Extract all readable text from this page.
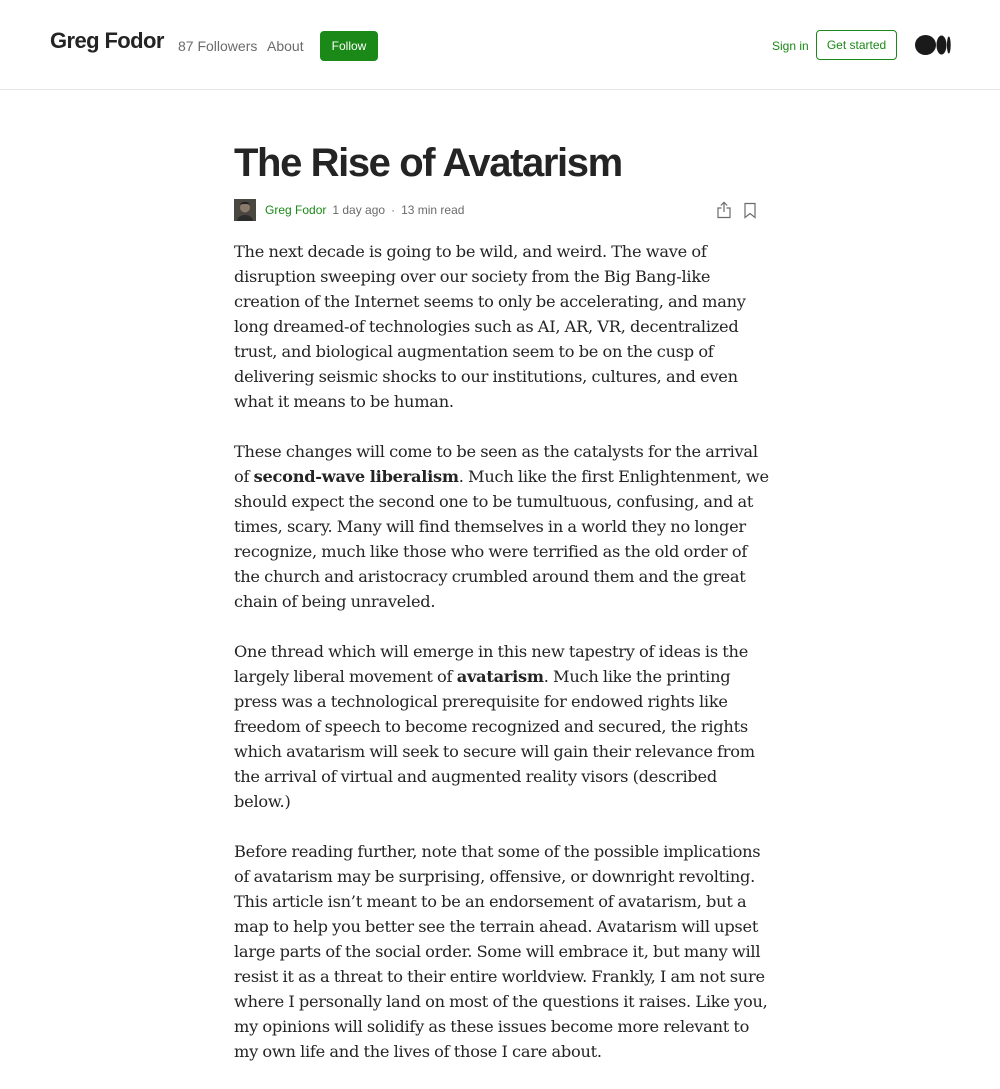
Greg Fodor 87 Followers About	Follow	Sign in	Get started
The Rise of Avatarism
Greg Fodor 1 day ago · 13 min read

The next decade is going to be wild, and weird. The wave of disruption sweeping over our society from the Big Bang-like creation of the Internet seems to only be accelerating, and many long dreamed-of technologies such as AI, AR, VR, decentralized trust, and biological augmentation seem to be on the cusp of delivering seismic shocks to our institutions, cultures, and even what it means to be human.

These changes will come to be seen as the catalysts for the arrival of second-wave liberalism. Much like the first Enlightenment, we should expect the second one to be tumultuous, confusing, and at times, scary. Many will find themselves in a world they no longer recognize, much like those who were terrified as the old order of the church and aristocracy crumbled around them and the great chain of being unraveled.

One thread which will emerge in this new tapestry of ideas is the largely liberal movement of avatarism. Much like the printing press was a technological prerequisite for endowed rights like freedom of speech to become recognized and secured, the rights which avatarism will seek to secure will gain their relevance from the arrival of virtual and augmented reality visors (described below.)

Before reading further, note that some of the possible implications of avatarism may be surprising, offensive, or downright revolting. This article isn’t meant to be an endorsement of avatarism, but a map to help you better see the terrain ahead. Avatarism will upset large parts of the social order. Some will embrace it, but many will resist it as a threat to their entire worldview. Frankly, I am not sure where I personally land on most of the questions it raises. Like you, my opinions will solidify as these issues become more relevant to my own life and the lives of those I care about.
